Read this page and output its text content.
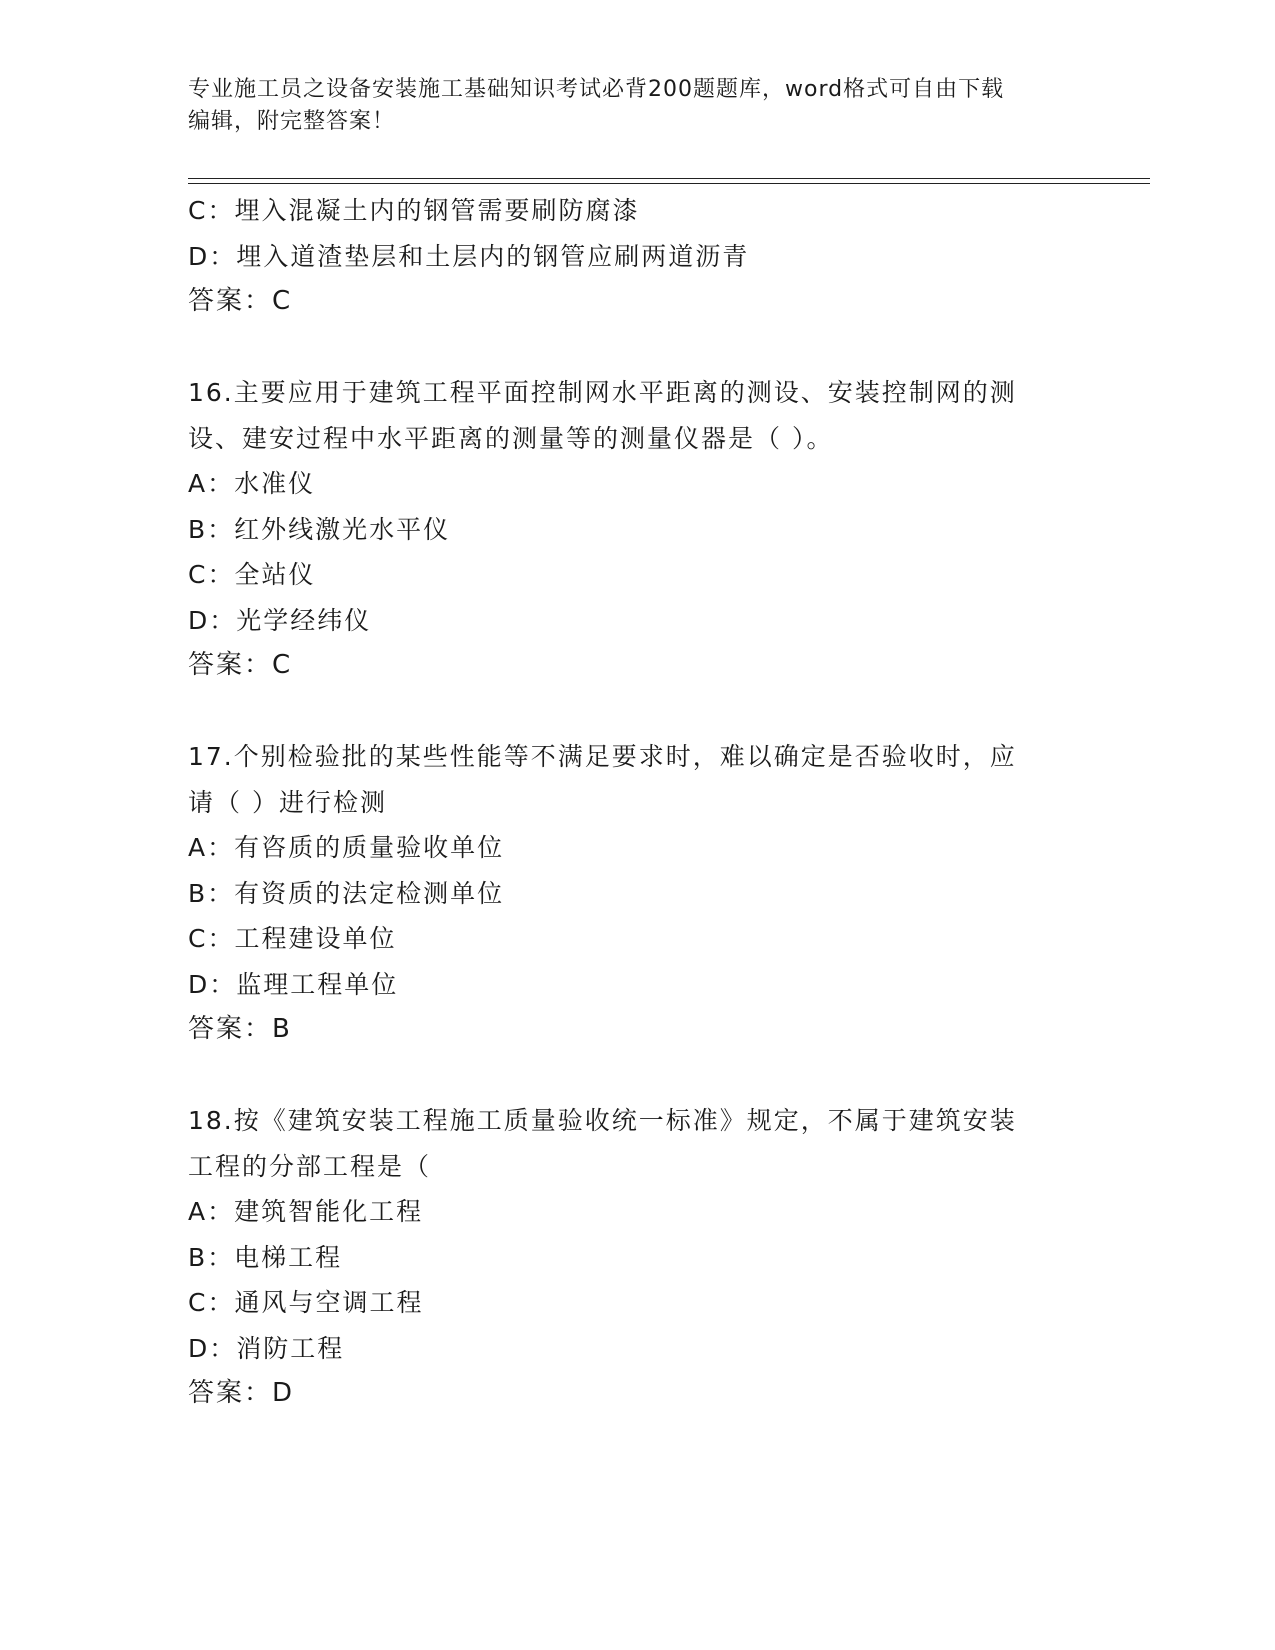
专业施工员之设备安装施工基础知识考试必背200题题库，word格式可自由下载
编辑，附完整答案！
C：埋入混凝土内的钢管需要刷防腐漆
D：埋入道渣垫层和土层内的钢管应刷两道沥青
答案：C
16.主要应用于建筑工程平面控制网水平距离的测设、安装控制网的测
设、建安过程中水平距离的测量等的测量仪器是（ ）。
A：水准仪
B：红外线激光水平仪
C：全站仪
D：光学经纬仪
答案：C
17.个别检验批的某些性能等不满足要求时，难以确定是否验收时，应
请（ ）进行检测
A：有咨质的质量验收单位
B：有资质的法定检测单位
C：工程建设单位
D：监理工程单位
答案：B
18.按《建筑安装工程施工质量验收统一标准》规定，不属于建筑安装
工程的分部工程是（
A：建筑智能化工程
B：电梯工程
C：通风与空调工程
D：消防工程
答案：D
